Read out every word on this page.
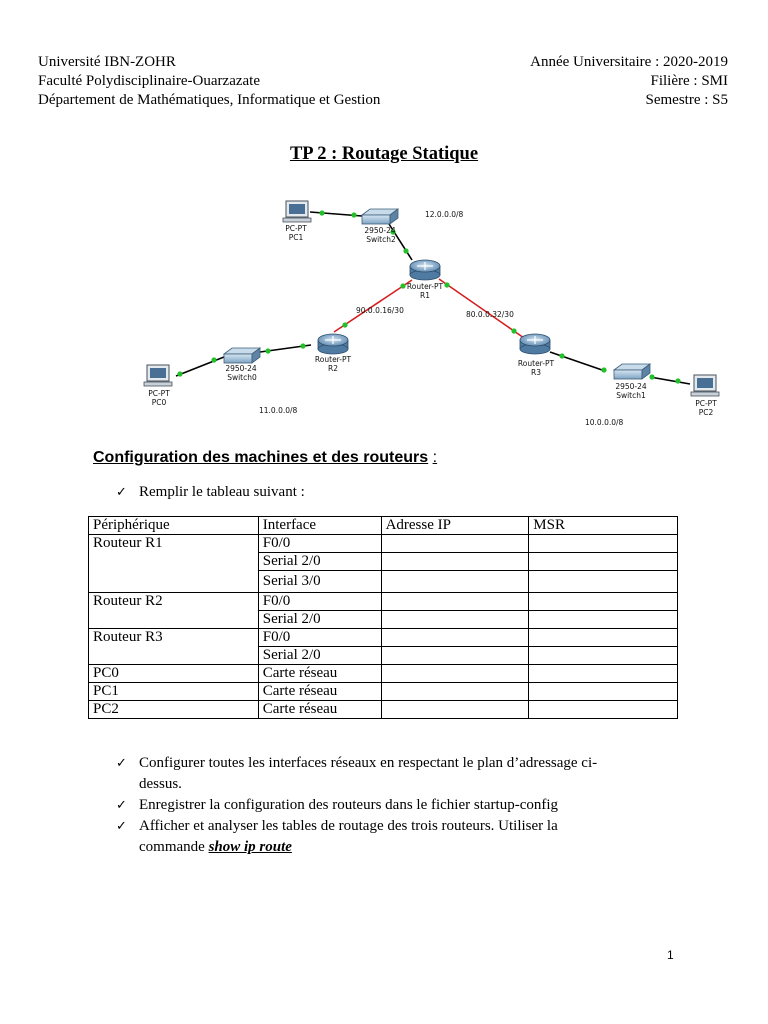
Université IBN-ZOHR
Faculté Polydisciplinaire-Ouarzazate
Département de Mathématiques, Informatique et Gestion
Année Universitaire : 2020-2019
Filière : SMI
Semestre : S5
TP 2 : Routage Statique
PC-PT
PC1
2950-24
Switch2
Router-PT
R1
Router-PT
R2
Router-PT
R3
2950-24
Switch0
2950-24
Switch1
PC-PT
PC0	PC-PT
PC2
12.0.0.0/8
90.0.0.16/30	80.0.0.32/30
11.0.0.0/8
10.0.0.0/8
Configuration des machines et des routeurs :
✓ Remplir le tableau suivant :
Périphérique	Interface	Adresse IP	MSR
Routeur R1	F0/0		
	Serial 2/0		
	Serial 3/0		
Routeur R2	F0/0		
	Serial 2/0		
Routeur R3	F0/0		
	Serial 2/0		
PC0	Carte réseau		
PC1	Carte réseau		
PC2	Carte réseau		
✓ Configurer toutes les interfaces réseaux en respectant le plan d’adressage ci-
dessus.
✓ Enregistrer la configuration des routeurs dans le fichier startup-config
✓ Afficher et analyser les tables de routage des trois routeurs. Utiliser la
commande show ip route
1
